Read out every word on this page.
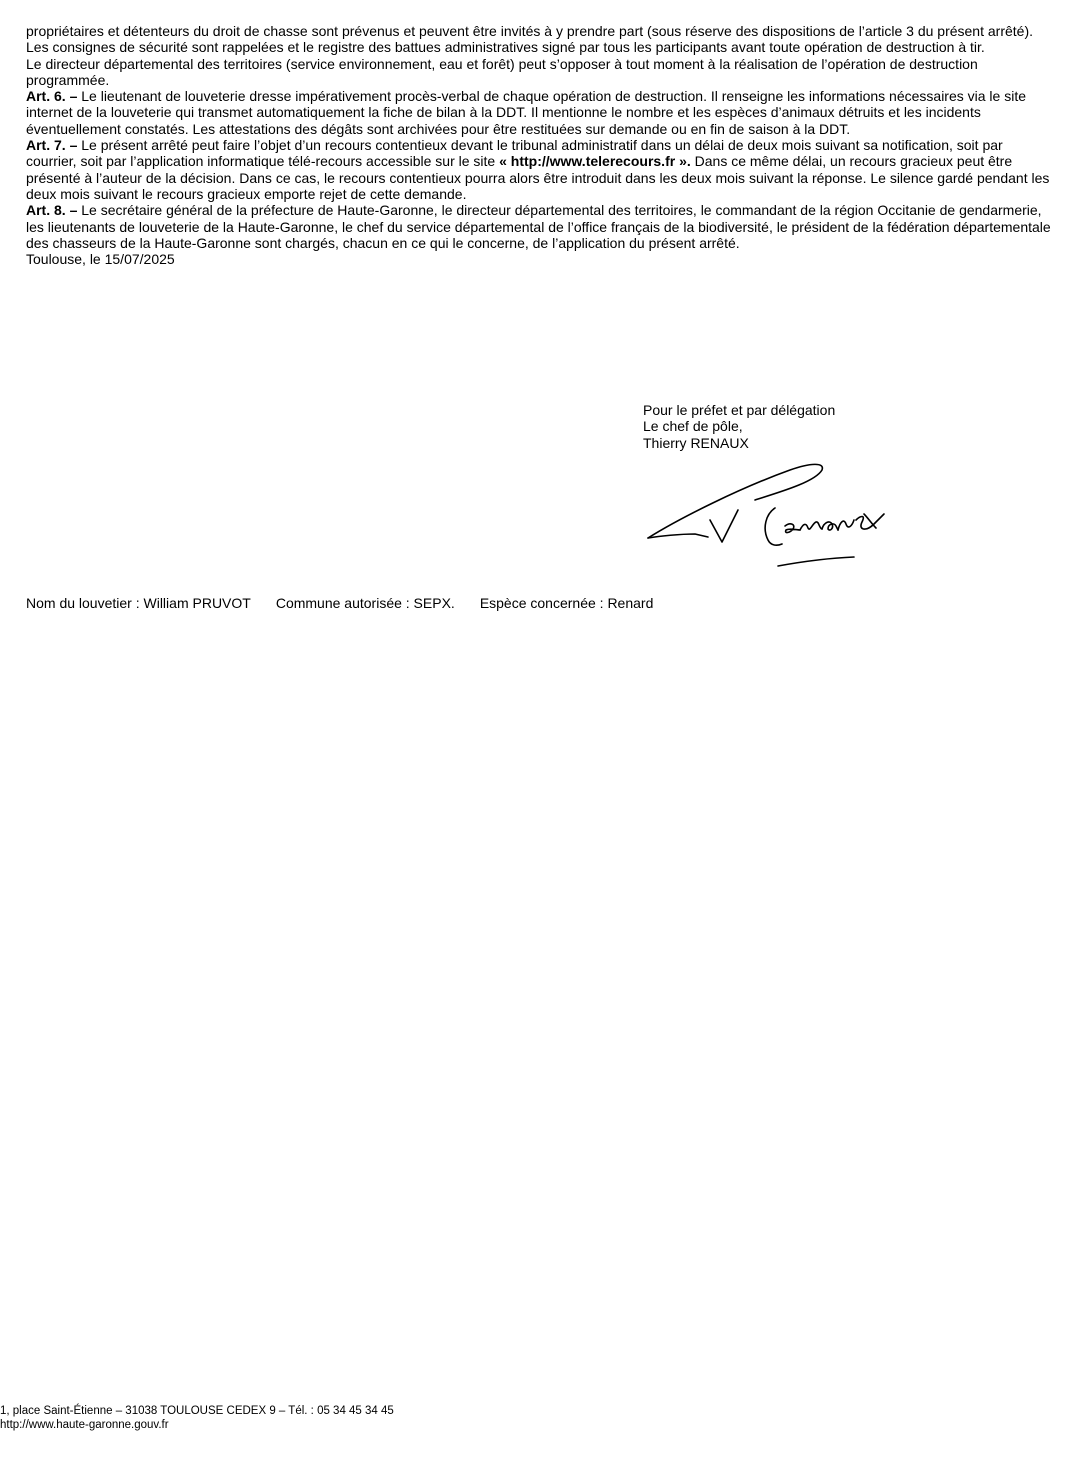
propriétaires et détenteurs du droit de chasse sont prévenus et peuvent être invités à y prendre part (sous réserve des dispositions de l’article 3 du présent arrêté).

Les consignes de sécurité sont rappelées et le registre des battues administratives signé par tous les participants avant toute opération de destruction à tir.

Le directeur départemental des territoires (service environnement, eau et forêt) peut s’opposer à tout moment à la réalisation de l’opération de destruction programmée.

Art. 6. – Le lieutenant de louveterie dresse impérativement procès-verbal de chaque opération de destruction. Il renseigne les informations nécessaires via le site internet de la louveterie qui transmet automatiquement la fiche de bilan à la DDT. Il mentionne le nombre et les espèces d’animaux détruits et les incidents éventuellement constatés. Les attestations des dégâts sont archivées pour être restituées sur demande ou en fin de saison à la DDT.

Art. 7. – Le présent arrêté peut faire l’objet d’un recours contentieux devant le tribunal administratif dans un délai de deux mois suivant sa notification, soit par courrier, soit par l’application informatique télé-recours accessible sur le site « http://www.telerecours.fr ». Dans ce même délai, un recours gracieux peut être présenté à l’auteur de la décision. Dans ce cas, le recours contentieux pourra alors être introduit dans les deux mois suivant la réponse. Le silence gardé pendant les deux mois suivant le recours gracieux emporte rejet de cette demande.

Art. 8. – Le secrétaire général de la préfecture de Haute-Garonne, le directeur départemental des territoires, le commandant de la région Occitanie de gendarmerie, les lieutenants de louveterie de la Haute-Garonne, le chef du service départemental de l’office français de la biodiversité, le président de la fédération départementale des chasseurs de la Haute-Garonne sont chargés, chacun en ce qui le concerne, de l’application du présent arrêté.

Toulouse, le 15/07/2025

Pour le préfet et par délégation
Le chef de pôle,
Thierry RENAUX
Nom du louvetier : William PRUVOT Commune autorisée : SEPX. Espèce concernée : Renard
1, place Saint-Étienne – 31038 TOULOUSE CEDEX 9 – Tél. : 05 34 45 34 45
http://www.haute-garonne.gouv.fr
